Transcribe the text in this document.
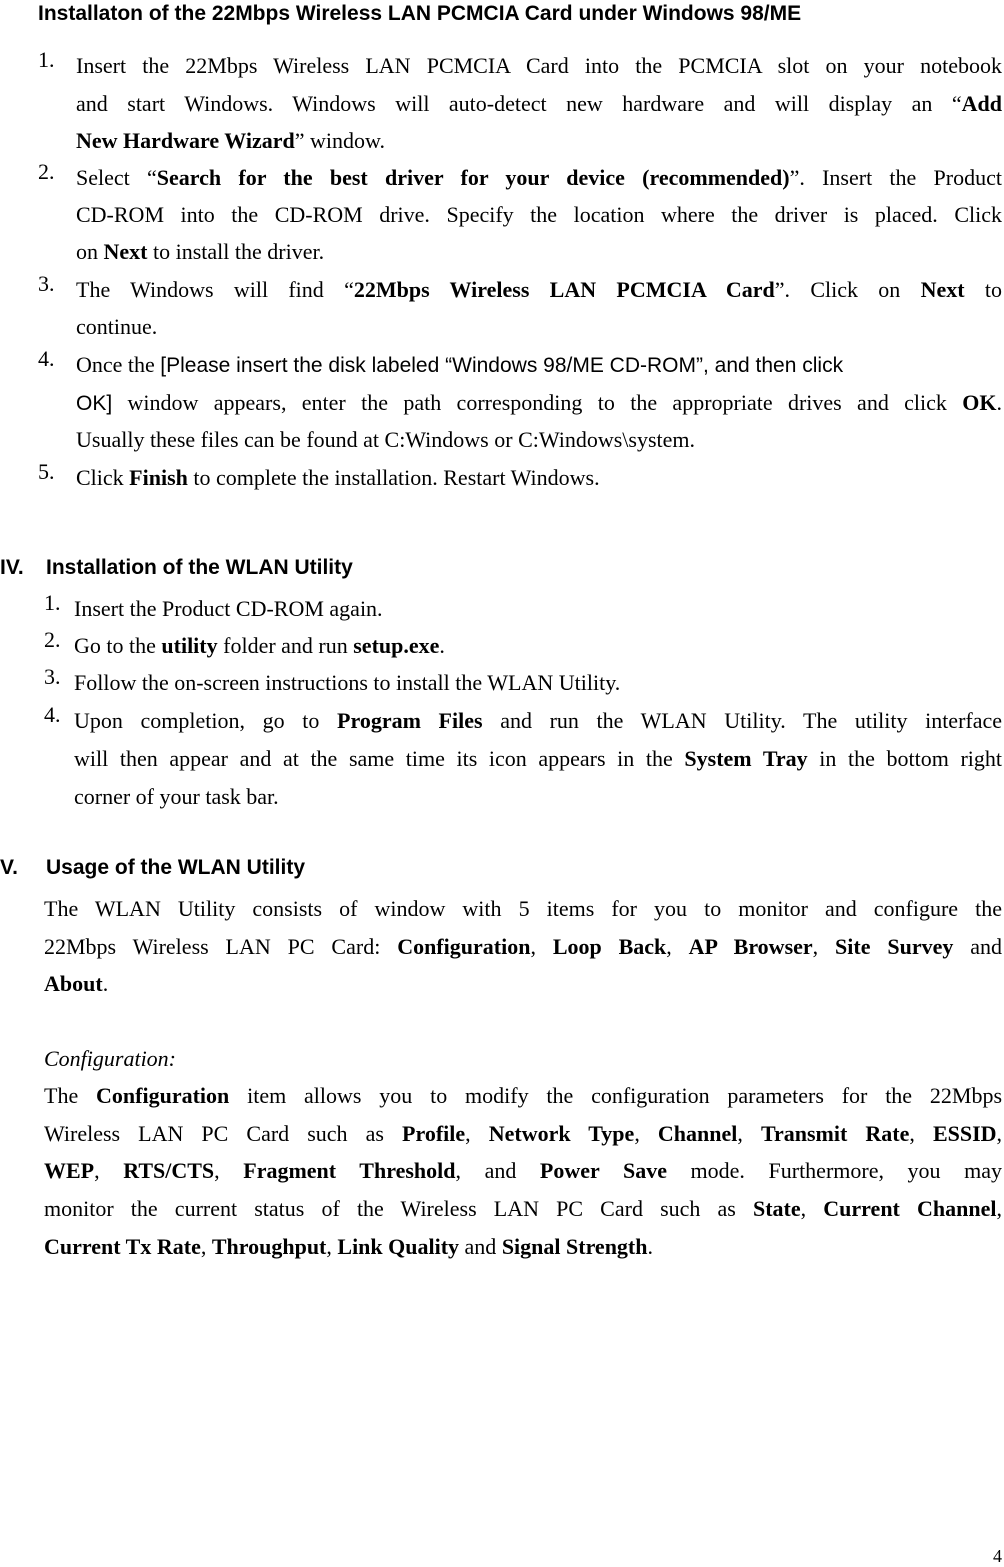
Installaton of the 22Mbps Wireless LAN PCMCIA Card under Windows 98/ME
1. Insert the 22Mbps Wireless LAN PCMCIA Card into the PCMCIA slot on your notebook
and start Windows. Windows will auto-detect new hardware and will display an “Add
New Hardware Wizard” window.
2. Select “Search for the best driver for your device (recommended)”. Insert the Product
CD-ROM into the CD-ROM drive. Specify the location where the driver is placed. Click
on Next to install the driver.
3. The Windows will find “22Mbps Wireless LAN PCMCIA Card”. Click on Next to
continue.
4. Once the [Please insert the disk labeled “Windows 98/ME CD-ROM”, and then click
OK] window appears, enter the path corresponding to the appropriate drives and click OK.
Usually these files can be found at C:Windows or C:Windows\system.
5. Click Finish to complete the installation. Restart Windows.
IV. Installation of the WLAN Utility
1. Insert the Product CD-ROM again.
2. Go to the utility folder and run setup.exe.
3. Follow the on-screen instructions to install the WLAN Utility.
4. Upon completion, go to Program Files and run the WLAN Utility. The utility interface
will then appear and at the same time its icon appears in the System Tray in the bottom right
corner of your task bar.
V. Usage of the WLAN Utility
The WLAN Utility consists of window with 5 items for you to monitor and configure the
22Mbps Wireless LAN PC Card: Configuration, Loop Back, AP Browser, Site Survey and
About.
Configuration:
The Configuration item allows you to modify the configuration parameters for the 22Mbps
Wireless LAN PC Card such as Profile, Network Type, Channel, Transmit Rate, ESSID,
WEP, RTS/CTS, Fragment Threshold, and Power Save mode. Furthermore, you may
monitor the current status of the Wireless LAN PC Card such as State, Current Channel,
Current Tx Rate, Throughput, Link Quality and Signal Strength.
4
